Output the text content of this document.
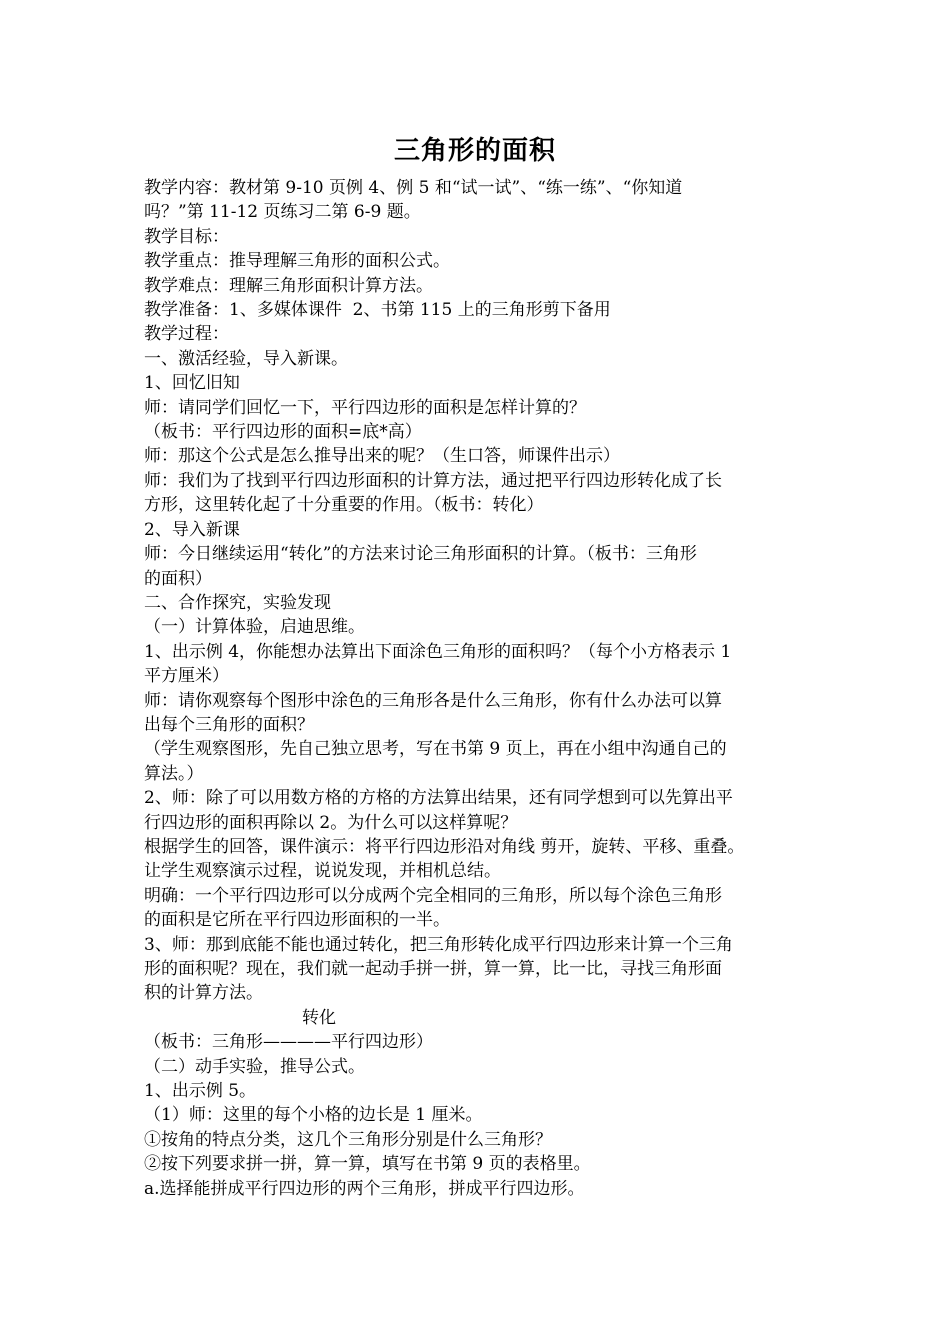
三角形的面积

教学内容：教材第 9-10 页例 4、例 5 和“试一试”、“练一练”、“你知道

吗？”第 11-12 页练习二第 6-9 题。

教学目标：

教学重点：推导理解三角形的面积公式。

教学难点：理解三角形面积计算方法。

教学准备：1、多媒体课件  2、书第 115 上的三角形剪下备用

教学过程：

一、激活经验，导入新课。

1、回忆旧知

师：请同学们回忆一下，平行四边形的面积是怎样计算的？

（板书：平行四边形的面积=底*高）

师：那这个公式是怎么推导出来的呢？（生口答，师课件出示）

师：我们为了找到平行四边形面积的计算方法，通过把平行四边形转化成了长

方形，这里转化起了十分重要的作用。（板书：转化）

2、导入新课

师：今日继续运用“转化”的方法来讨论三角形面积的计算。（板书：三角形

的面积）

二、合作探究，实验发现

（一）计算体验，启迪思维。

1、出示例 4，你能想办法算出下面涂色三角形的面积吗？（每个小方格表示 1

平方厘米）

师：请你观察每个图形中涂色的三角形各是什么三角形，你有什么办法可以算

出每个三角形的面积？

（学生观察图形，先自己独立思考，写在书第 9 页上，再在小组中沟通自己的

算法。）

2、师：除了可以用数方格的方格的方法算出结果，还有同学想到可以先算出平

行四边形的面积再除以 2。为什么可以这样算呢？

根据学生的回答，课件演示：将平行四边形沿对角线 剪开，旋转、平移、重叠。

让学生观察演示过程，说说发现，并相机总结。

明确：一个平行四边形可以分成两个完全相同的三角形，所以每个涂色三角形

的面积是它所在平行四边形面积的一半。

3、师：那到底能不能也通过转化，把三角形转化成平行四边形来计算一个三角

形的面积呢？现在，我们就一起动手拼一拼，算一算，比一比，寻找三角形面

积的计算方法。

转化

（板书：三角形————平行四边形）

（二）动手实验，推导公式。

1、出示例 5。

（1）师：这里的每个小格的边长是 1 厘米。

①按角的特点分类，这几个三角形分别是什么三角形？

②按下列要求拼一拼，算一算，填写在书第 9 页的表格里。

a.选择能拼成平行四边形的两个三角形，拼成平行四边形。
